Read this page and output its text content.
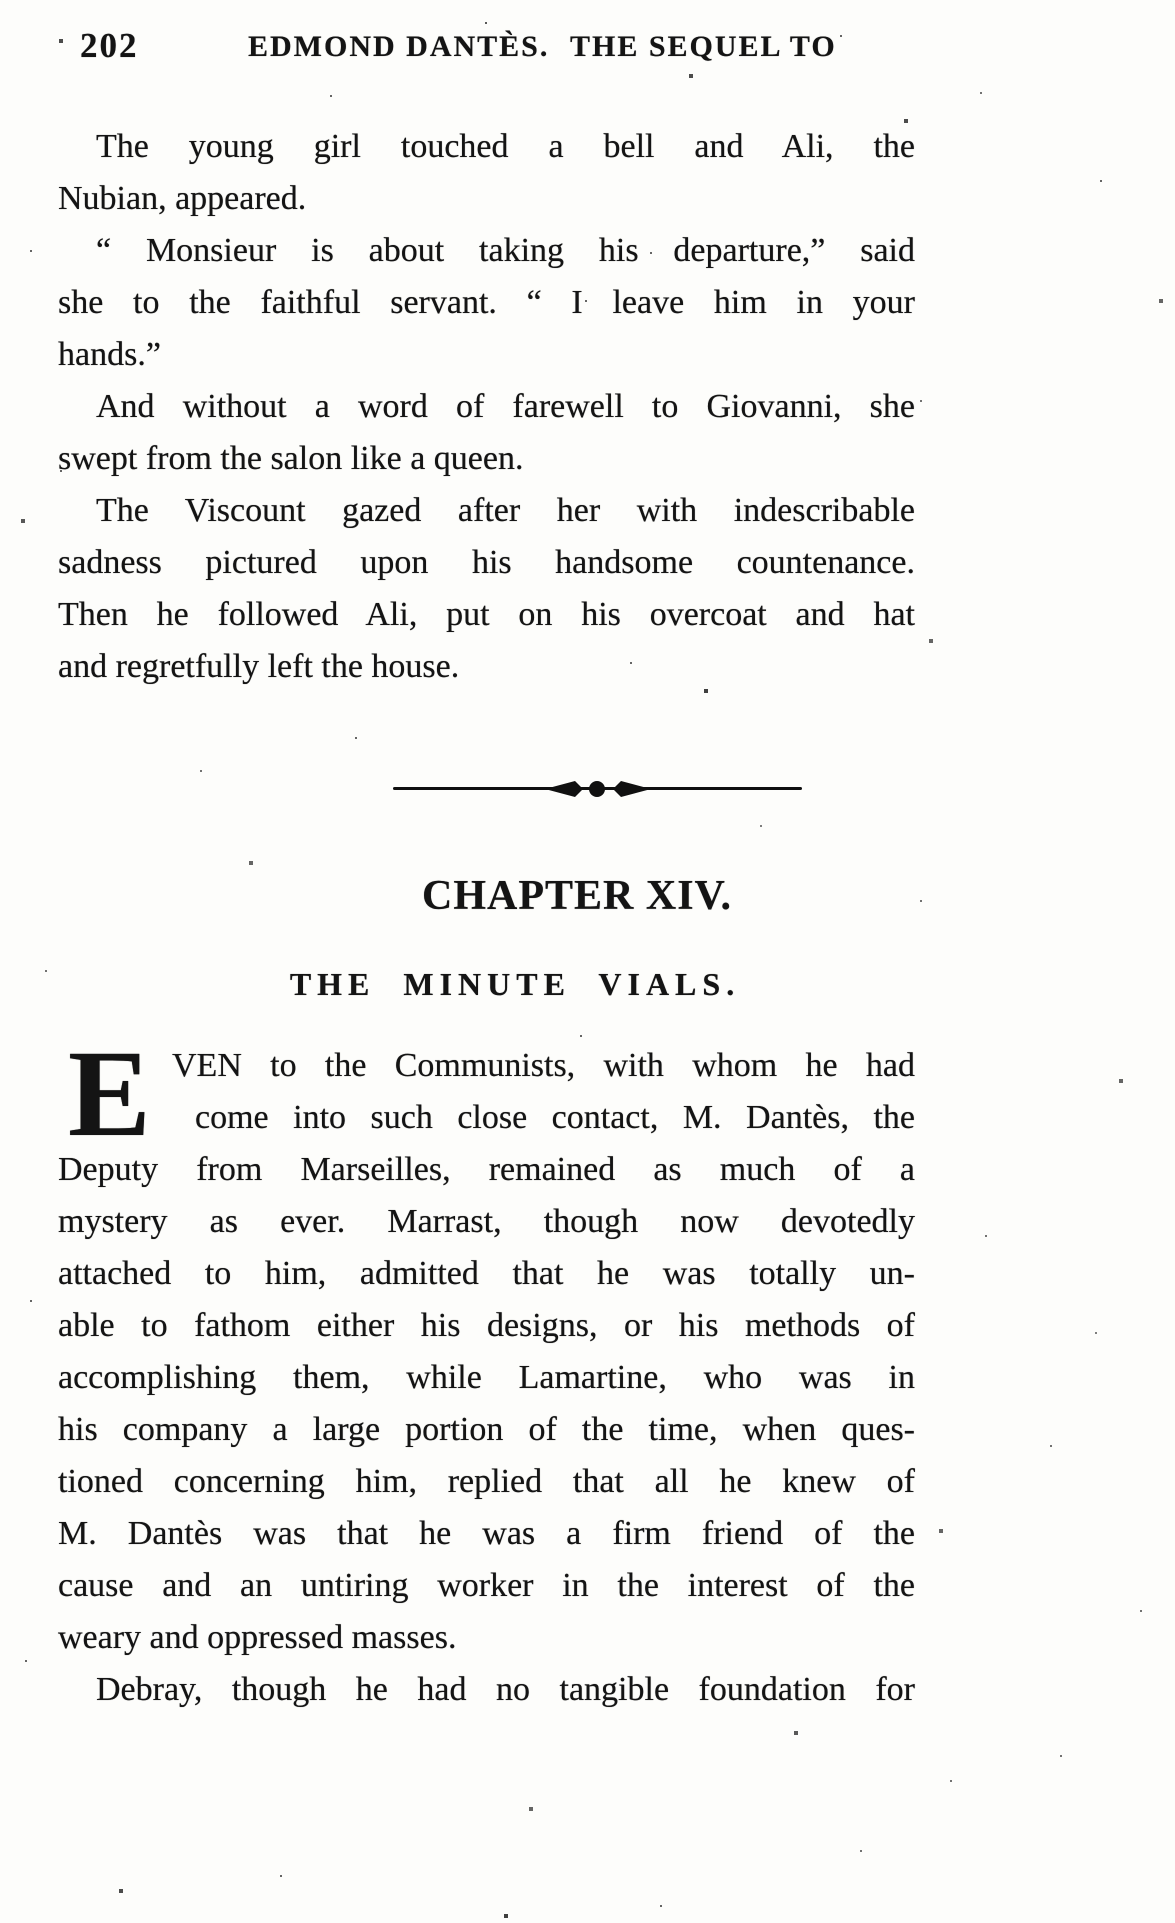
202	EDMOND DANTÈS. THE SEQUEL TO
The young girl touched a bell and Ali, the
Nubian, appeared.
“ Monsieur is about taking his departure,” said
she to the faithful servant. “ I leave him in your
hands.”
And without a word of farewell to Giovanni, she
swept from the salon like a queen.
The Viscount gazed after her with indescribable
sadness pictured upon his handsome countenance.
Then he followed Ali, put on his overcoat and hat
and regretfully left the house.
CHAPTER XIV.
THE MINUTE VIALS.
E VEN to the Communists, with whom he had
come into such close contact, M. Dantès, the
Deputy from Marseilles, remained as much of a
mystery as ever. Marrast, though now devotedly
attached to him, admitted that he was totally un-
able to fathom either his designs, or his methods of
accomplishing them, while Lamartine, who was in
his company a large portion of the time, when ques-
tioned concerning him, replied that all he knew of
M. Dantès was that he was a firm friend of the
cause and an untiring worker in the interest of the
weary and oppressed masses.
Debray, though he had no tangible foundation for
